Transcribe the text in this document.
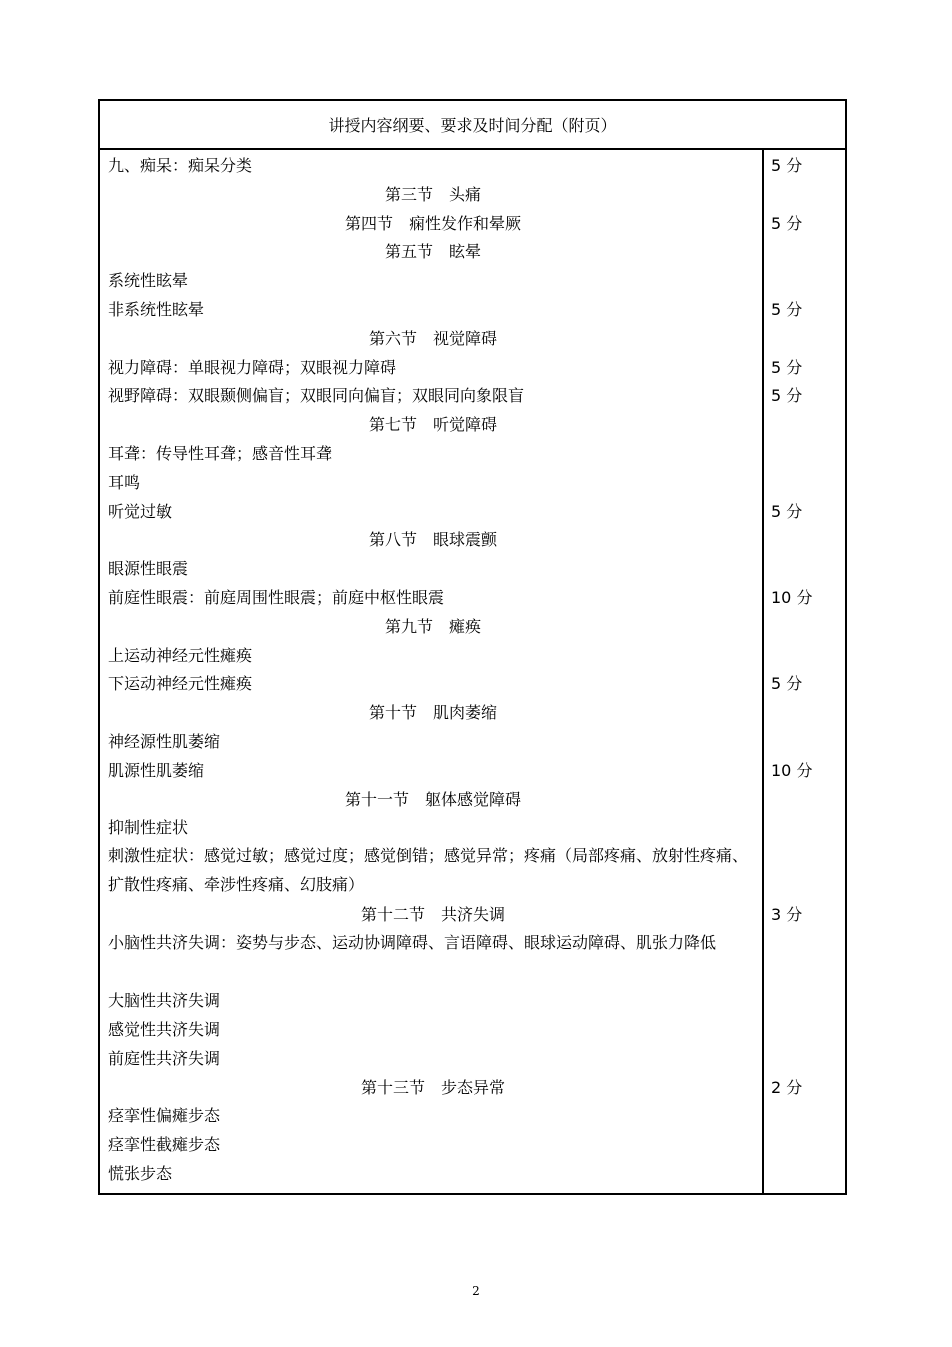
讲授内容纲要、要求及时间分配（附页）
九、痴呆：痴呆分类	5 分
第三节　头痛
第四节　痫性发作和晕厥	5 分
第五节　眩晕
系统性眩晕
非系统性眩晕	5 分
第六节　视觉障碍
视力障碍：单眼视力障碍；双眼视力障碍	5 分
视野障碍：双眼颞侧偏盲；双眼同向偏盲；双眼同向象限盲	5 分
第七节　听觉障碍
耳聋：传导性耳聋；感音性耳聋
耳鸣
听觉过敏	5 分
第八节　眼球震颤
眼源性眼震
前庭性眼震：前庭周围性眼震；前庭中枢性眼震	10 分
第九节　瘫痪
上运动神经元性瘫痪
下运动神经元性瘫痪	5 分
第十节　肌肉萎缩
神经源性肌萎缩
肌源性肌萎缩	10 分
第十一节　躯体感觉障碍
抑制性症状
刺激性症状：感觉过敏；感觉过度；感觉倒错；感觉异常；疼痛（局部疼痛、放射性疼痛、扩散性疼痛、牵涉性疼痛、幻肢痛）
第十二节　共济失调	3 分
小脑性共济失调：姿势与步态、运动协调障碍、言语障碍、眼球运动障碍、肌张力降低
大脑性共济失调
感觉性共济失调
前庭性共济失调
第十三节　步态异常	2 分
痉挛性偏瘫步态
痉挛性截瘫步态
慌张步态
2
